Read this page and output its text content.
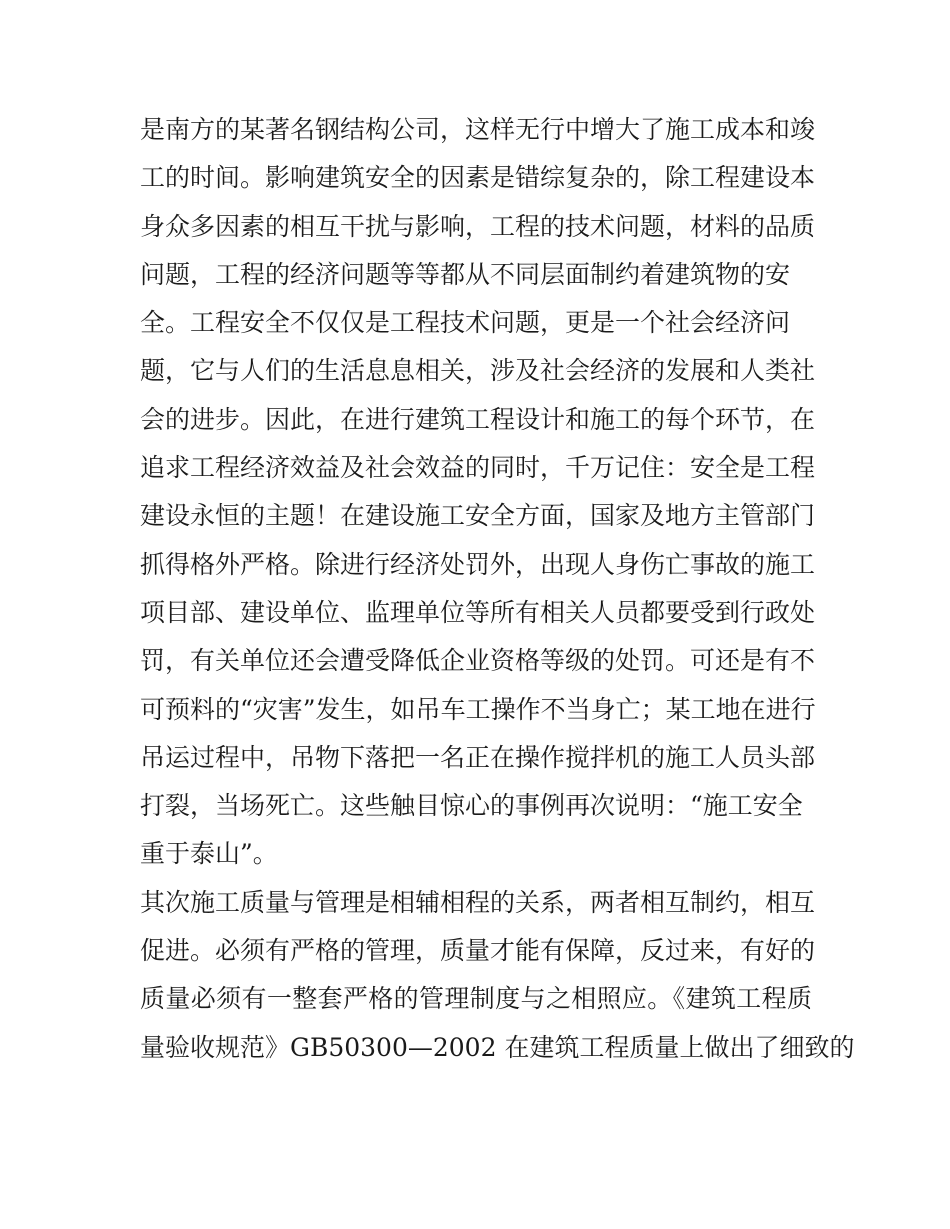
是南方的某著名钢结构公司，这样无行中增大了施工成本和竣
工的时间。影响建筑安全的因素是错综复杂的，除工程建设本
身众多因素的相互干扰与影响，工程的技术问题，材料的品质
问题，工程的经济问题等等都从不同层面制约着建筑物的安
全。工程安全不仅仅是工程技术问题，更是一个社会经济问
题，它与人们的生活息息相关，涉及社会经济的发展和人类社
会的进步。因此，在进行建筑工程设计和施工的每个环节，在
追求工程经济效益及社会效益的同时，千万记住：安全是工程
建设永恒的主题！在建设施工安全方面，国家及地方主管部门
抓得格外严格。除进行经济处罚外，出现人身伤亡事故的施工
项目部、建设单位、监理单位等所有相关人员都要受到行政处
罚，有关单位还会遭受降低企业资格等级的处罚。可还是有不
可预料的“灾害”发生，如吊车工操作不当身亡；某工地在进行
吊运过程中，吊物下落把一名正在操作搅拌机的施工人员头部
打裂，当场死亡。这些触目惊心的事例再次说明：“施工安全
重于泰山”。
其次施工质量与管理是相辅相程的关系，两者相互制约，相互
促进。必须有严格的管理，质量才能有保障，反过来，有好的
质量必须有一整套严格的管理制度与之相照应。《建筑工程质
量验收规范》GB50300—2002 在建筑工程质量上做出了细致的
